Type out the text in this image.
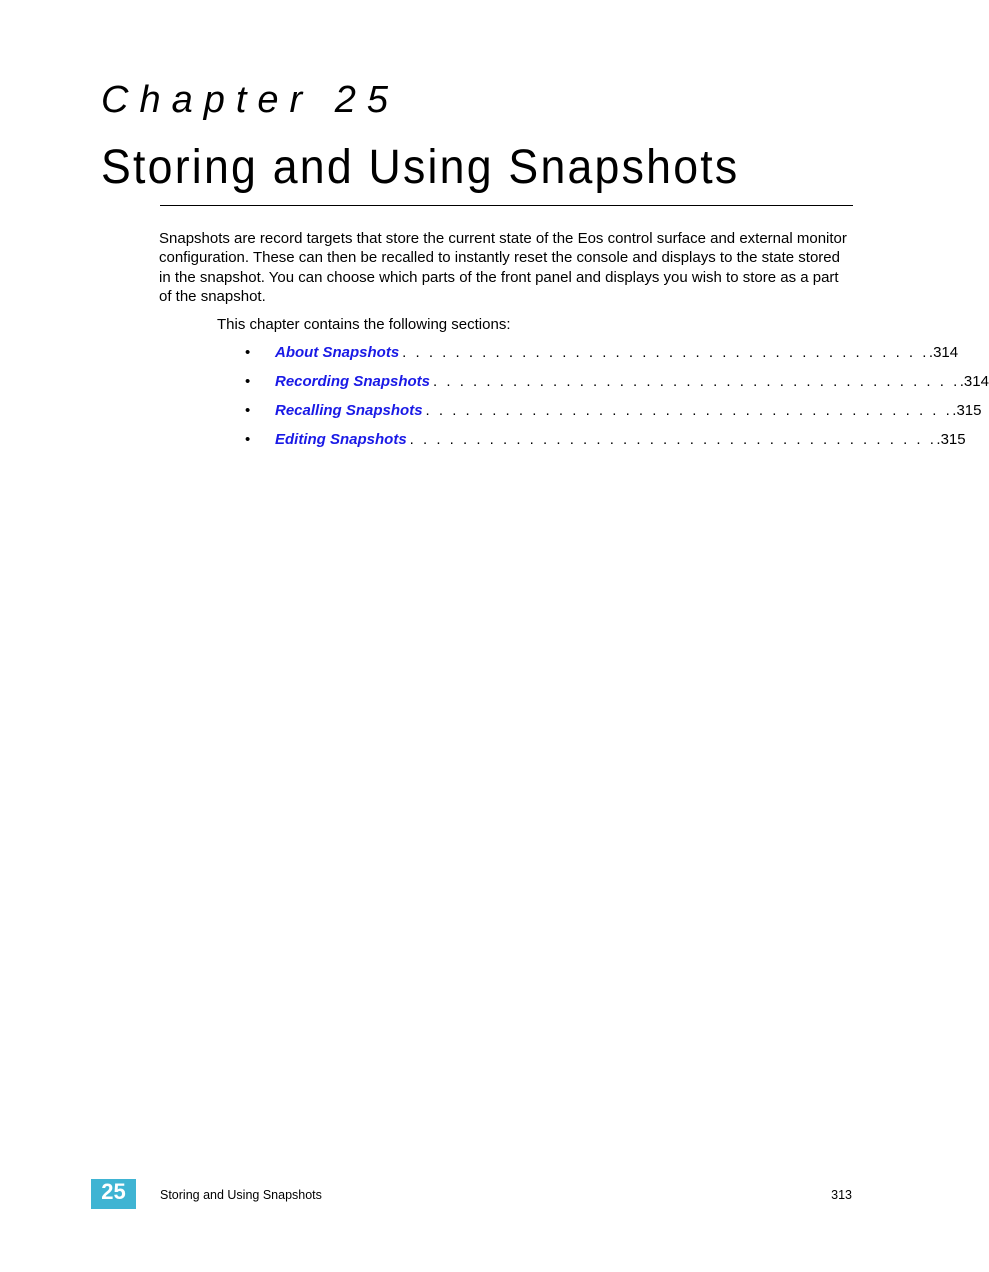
Chapter 25
Storing and Using Snapshots

Snapshots are record targets that store the current state of the Eos control surface and external monitor configuration. These can then be recalled to instantly reset the console and displays to the state stored in the snapshot. You can choose which parts of the front panel and displays you wish to store as a part of the snapshot.

This chapter contains the following sections:
• About Snapshots . . . . . . . . . . . . . . . . . . . . . . . . . . . . . . . . . . . . . . . . .314
• Recording Snapshots . . . . . . . . . . . . . . . . . . . . . . . . . . . . . . . . . . . . . . . . .314
• Recalling Snapshots . . . . . . . . . . . . . . . . . . . . . . . . . . . . . . . . . . . . . . . . .315
• Editing Snapshots . . . . . . . . . . . . . . . . . . . . . . . . . . . . . . . . . . . . . . . . .315
25	Storing and Using Snapshots	313
